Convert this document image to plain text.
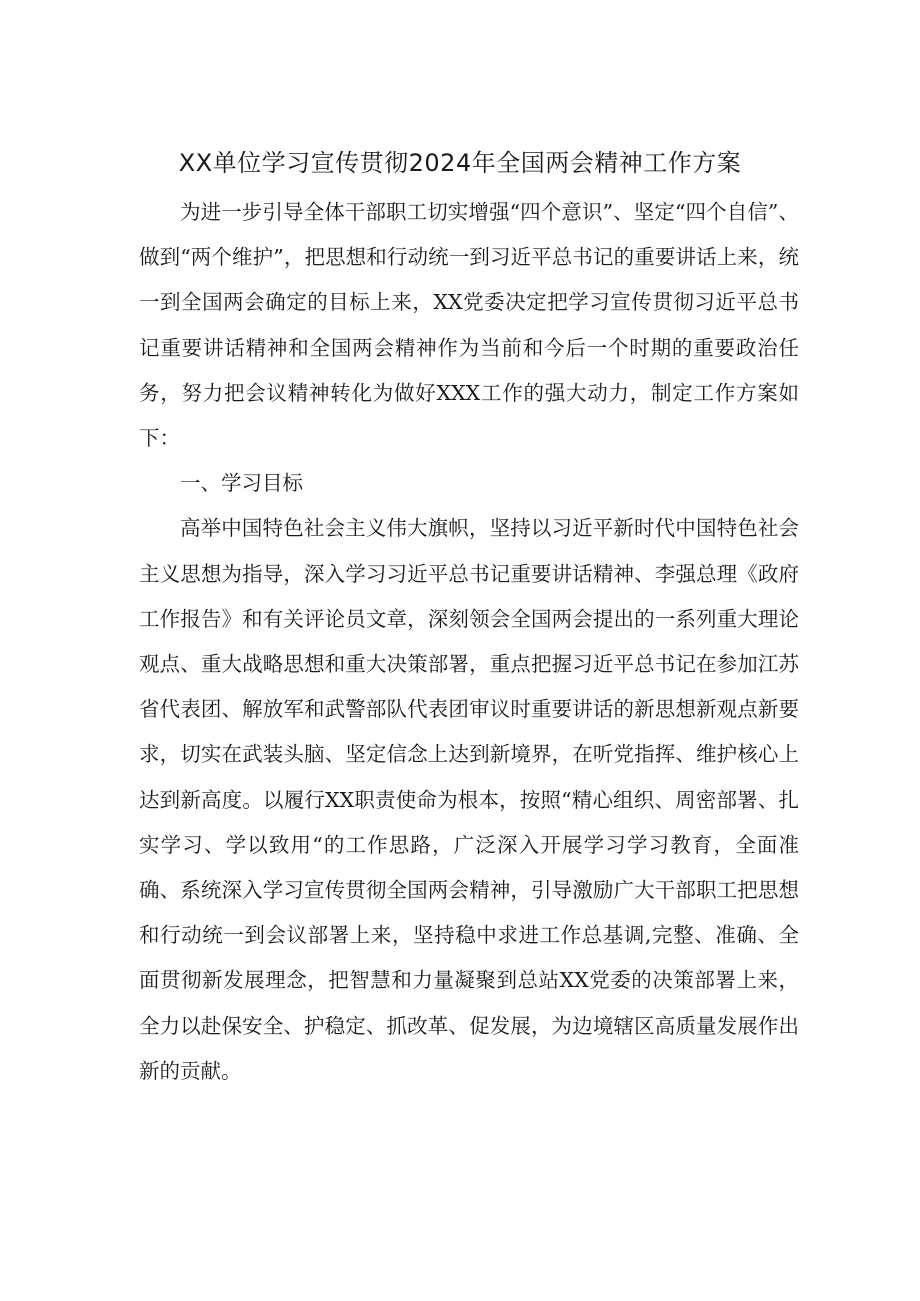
XX单位学习宣传贯彻2024年全国两会精神工作方案

为进一步引导全体干部职工切实增强“四个意识”、坚定“四个自信”、做到“两个维护”，把思想和行动统一到习近平总书记的重要讲话上来，统一到全国两会确定的目标上来，XX党委决定把学习宣传贯彻习近平总书记重要讲话精神和全国两会精神作为当前和今后一个时期的重要政治任务，努力把会议精神转化为做好XXX工作的强大动力，制定工作方案如下：

一、学习目标

高举中国特色社会主义伟大旗帜，坚持以习近平新时代中国特色社会主义思想为指导，深入学习习近平总书记重要讲话精神、李强总理《政府工作报告》和有关评论员文章，深刻领会全国两会提出的一系列重大理论观点、重大战略思想和重大决策部署，重点把握习近平总书记在参加江苏省代表团、解放军和武警部队代表团审议时重要讲话的新思想新观点新要求，切实在武装头脑、坚定信念上达到新境界，在听党指挥、维护核心上达到新高度。以履行XX职责使命为根本，按照“精心组织、周密部署、扎实学习、学以致用“的工作思路，广泛深入开展学习学习教育，全面准确、系统深入学习宣传贯彻全国两会精神，引导激励广大干部职工把思想和行动统一到会议部署上来，坚持稳中求进工作总基调,完整、准确、全面贯彻新发展理念，把智慧和力量凝聚到总站XX党委的决策部署上来，全力以赴保安全、护稳定、抓改革、促发展，为边境辖区高质量发展作出新的贡献。
